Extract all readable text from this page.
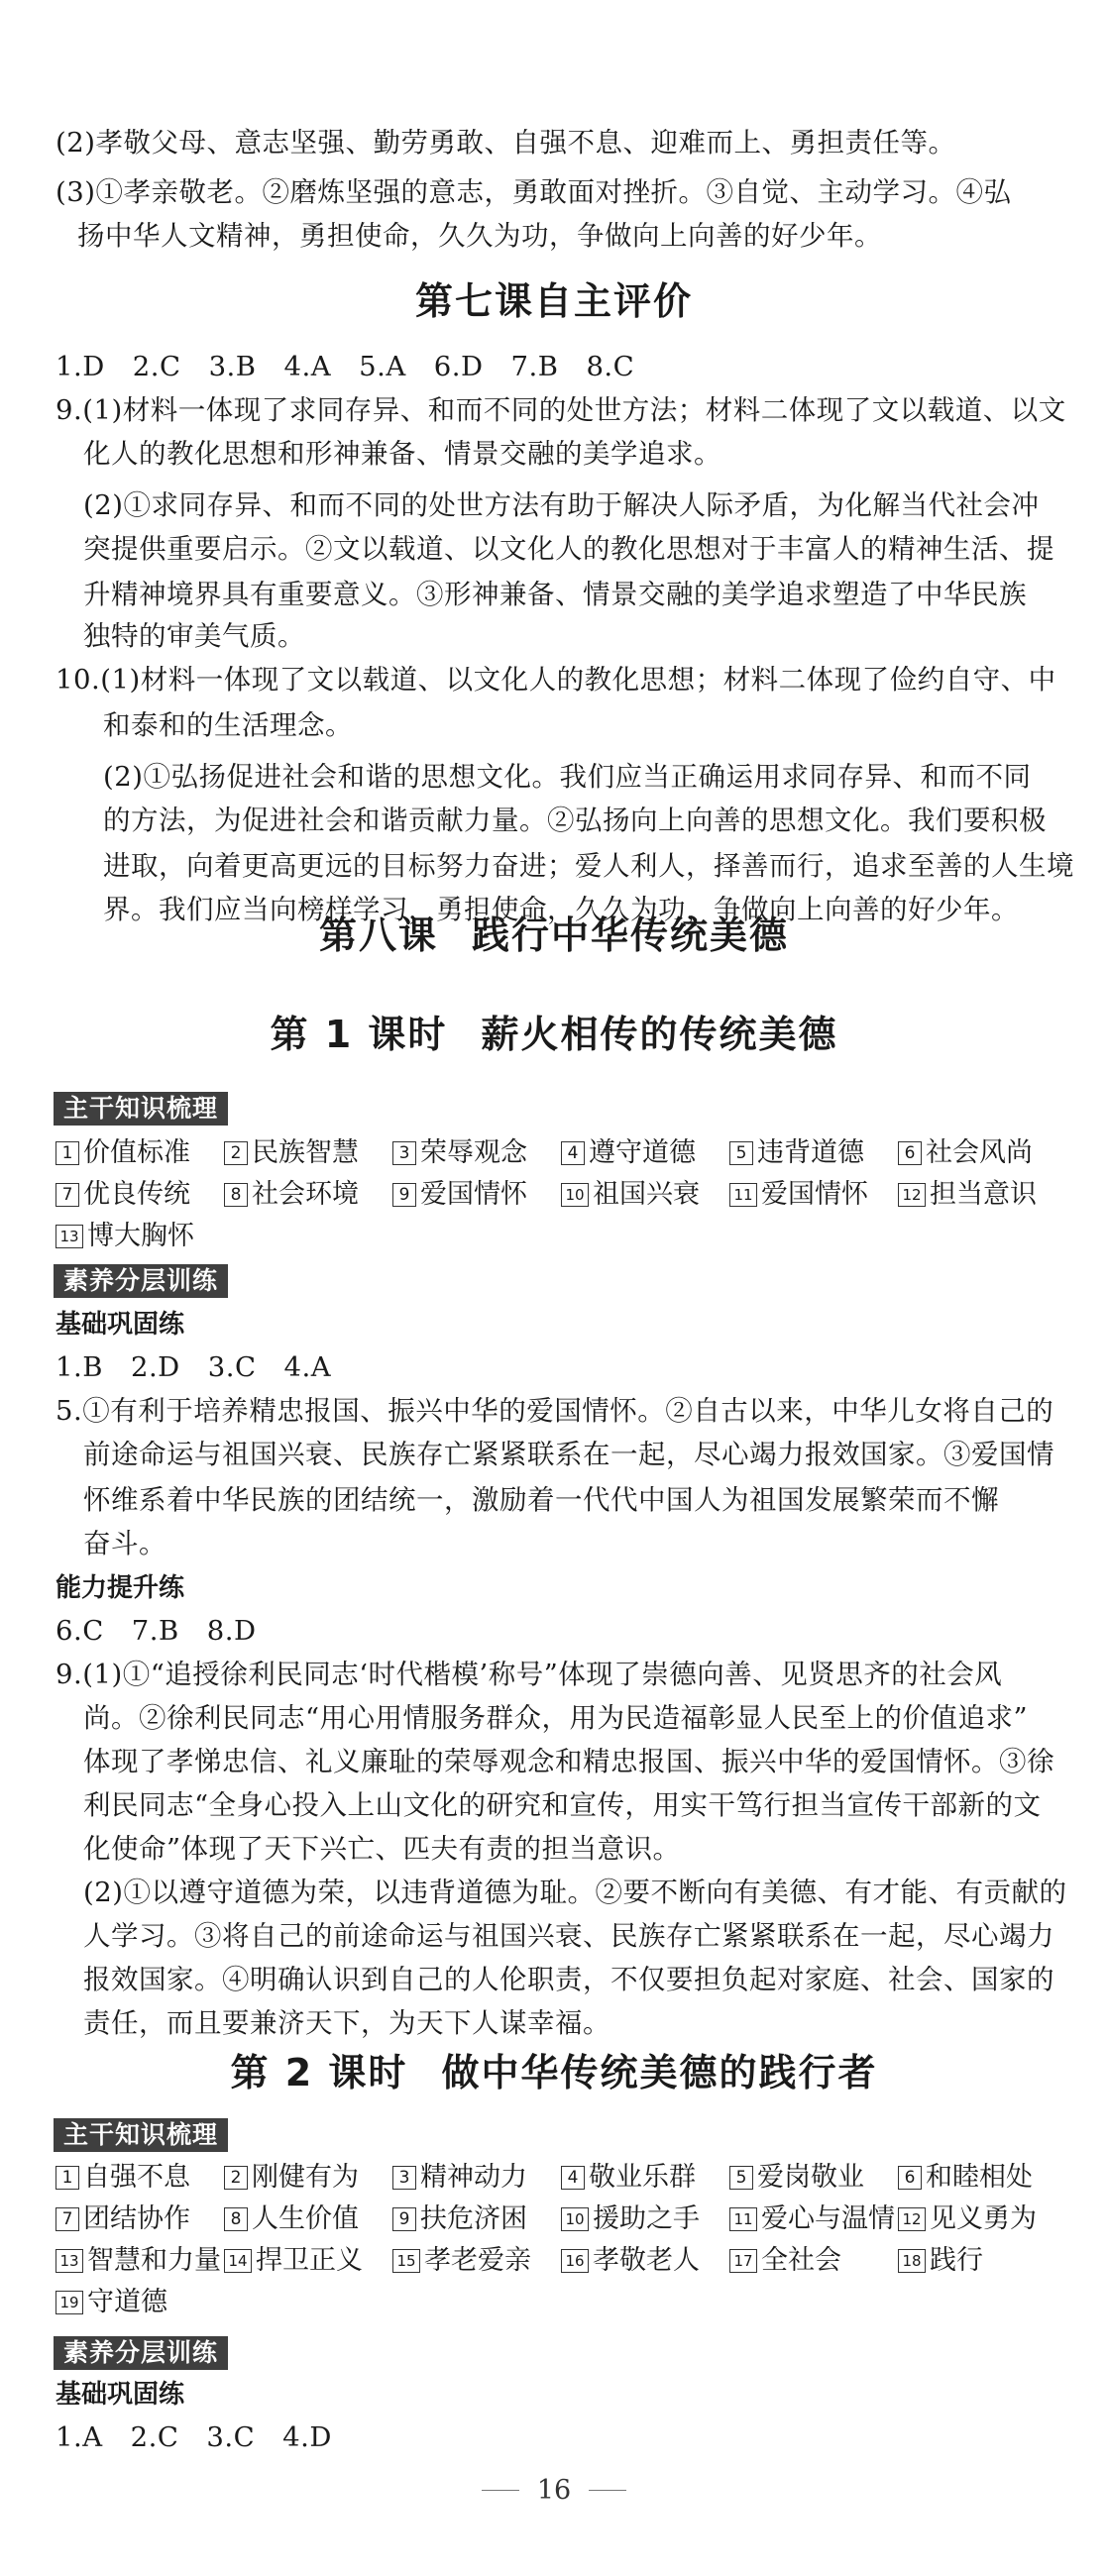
(2)孝敬父母、意志坚强、勤劳勇敢、自强不息、迎难而上、勇担责任等。
(3)①孝亲敬老。②磨炼坚强的意志，勇敢面对挫折。③自觉、主动学习。④弘
扬中华人文精神，勇担使命，久久为功，争做向上向善的好少年。
第七课自主评价
1.D　2.C　3.B　4.A　5.A　6.D　7.B　8.C
9.(1)材料一体现了求同存异、和而不同的处世方法；材料二体现了文以载道、以文
化人的教化思想和形神兼备、情景交融的美学追求。
(2)①求同存异、和而不同的处世方法有助于解决人际矛盾，为化解当代社会冲
突提供重要启示。②文以载道、以文化人的教化思想对于丰富人的精神生活、提
升精神境界具有重要意义。③形神兼备、情景交融的美学追求塑造了中华民族
独特的审美气质。
10.(1)材料一体现了文以载道、以文化人的教化思想；材料二体现了俭约自守、中
和泰和的生活理念。
(2)①弘扬促进社会和谐的思想文化。我们应当正确运用求同存异、和而不同
的方法，为促进社会和谐贡献力量。②弘扬向上向善的思想文化。我们要积极
进取，向着更高更远的目标努力奋进；爱人利人，择善而行，追求至善的人生境
界。我们应当向榜样学习，勇担使命，久久为功，争做向上向善的好少年。
第八课 践行中华传统美德
第 1 课时 薪火相传的传统美德
主干知识梳理
1 价值标准	2 民族智慧	3 荣辱观念	4 遵守道德	5 违背道德	6 社会风尚
7 优良传统	8 社会环境	9 爱国情怀	10 祖国兴衰 11 爱国情怀 12 担当意识
13 博大胸怀
素养分层训练
基础巩固练
1.B　2.D　3.C　4.A
5.①有利于培养精忠报国、振兴中华的爱国情怀。②自古以来，中华儿女将自己的
前途命运与祖国兴衰、民族存亡紧紧联系在一起，尽心竭力报效国家。③爱国情
怀维系着中华民族的团结统一，激励着一代代中国人为祖国发展繁荣而不懈
奋斗。
能力提升练
6.C　7.B　8.D
9.(1)①“追授徐利民同志‘时代楷模’称号”体现了崇德向善、见贤思齐的社会风
尚。②徐利民同志“用心用情服务群众，用为民造福彰显人民至上的价值追求”
体现了孝悌忠信、礼义廉耻的荣辱观念和精忠报国、振兴中华的爱国情怀。③徐
利民同志“全身心投入上山文化的研究和宣传，用实干笃行担当宣传干部新的文
化使命”体现了天下兴亡、匹夫有责的担当意识。
(2)①以遵守道德为荣，以违背道德为耻。②要不断向有美德、有才能、有贡献的
人学习。③将自己的前途命运与祖国兴衰、民族存亡紧紧联系在一起，尽心竭力
报效国家。④明确认识到自己的人伦职责，不仅要担负起对家庭、社会、国家的
责任，而且要兼济天下，为天下人谋幸福。
第 2 课时 做中华传统美德的践行者
主干知识梳理
1 自强不息	2 刚健有为	3 精神动力	4 敬业乐群	5 爱岗敬业	6 和睦相处
7 团结协作	8 人生价值	9 扶危济困	10 援助之手 11 爱心与温情 12 见义勇为
13 智慧和力量 14 捍卫正义 15 孝老爱亲 16 孝敬老人 17 全社会	18 践行
19 守道德
素养分层训练
基础巩固练
1.A　2.C　3.C　4.D
16
